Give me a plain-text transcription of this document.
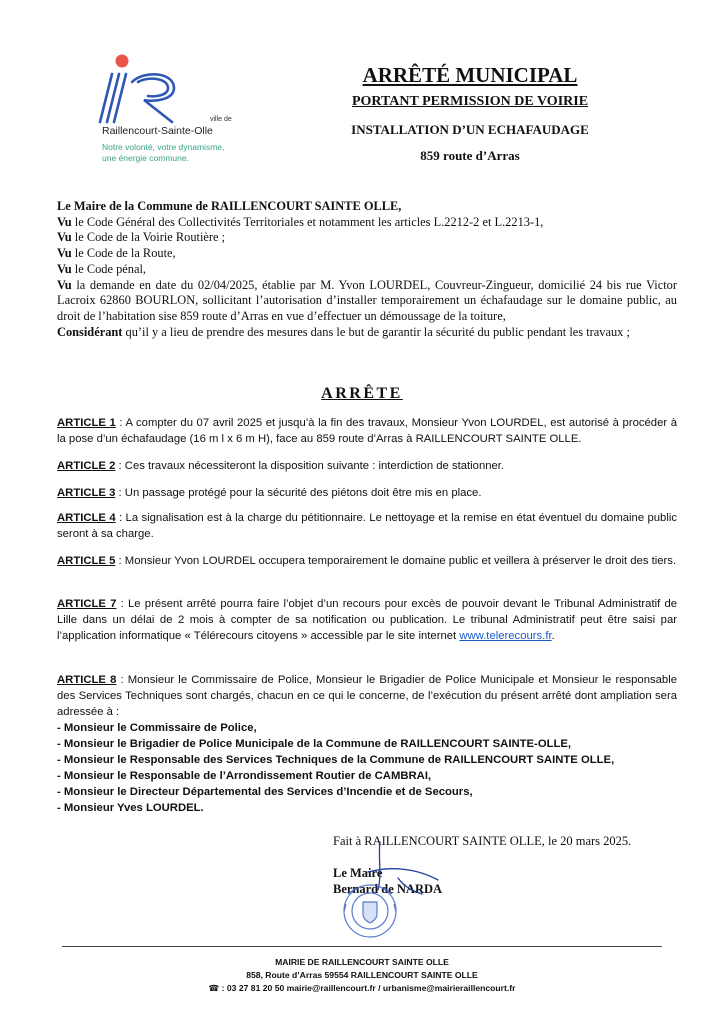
ville de
Raillencourt-Sainte-Olle
Notre volonté, votre dynamisme,
une énergie commune.
ARRÊTÉ MUNICIPAL
PORTANT PERMISSION DE VOIRIE
INSTALLATION D’UN ECHAFAUDAGE
859 route d’Arras

Le Maire de la Commune de RAILLENCOURT SAINTE OLLE,

Vu le Code Général des Collectivités Territoriales et notamment les articles L.2212-2 et L.2213-1,

Vu le Code de la Voirie Routière ;

Vu le Code de la Route,

Vu le Code pénal,

Vu la demande en date du 02/04/2025, établie par M. Yvon LOURDEL, Couvreur-Zingueur, domicilié 24 bis rue Victor Lacroix 62860 BOURLON, sollicitant l’autorisation d’installer temporairement un échafaudage sur le domaine public, au droit de l’habitation sise 859 route d’Arras en vue d’effectuer un démoussage de la toiture,

Considérant qu’il y a lieu de prendre des mesures dans le but de garantir la sécurité du public pendant les travaux ;

ARRÊTE

ARTICLE 1 : A compter du 07 avril 2025 et jusqu’à la fin des travaux, Monsieur Yvon LOURDEL, est autorisé à procéder à la pose d’un échafaudage (16 m l x 6 m H), face au 859 route d’Arras à RAILLENCOURT SAINTE OLLE.

ARTICLE 2 : Ces travaux nécessiteront la disposition suivante : interdiction de stationner.

ARTICLE 3 : Un passage protégé pour la sécurité des piétons doit être mis en place.

ARTICLE 4 : La signalisation est à la charge du pétitionnaire. Le nettoyage et la remise en état éventuel du domaine public seront à sa charge.

ARTICLE 5 : Monsieur Yvon LOURDEL occupera temporairement le domaine public et veillera à préserver le droit des tiers.

ARTICLE 7 : Le présent arrêté pourra faire l’objet d’un recours pour excès de pouvoir devant le Tribunal Administratif de Lille dans un délai de 2 mois à compter de sa notification ou publication. Le tribunal Administratif peut être saisi par l’application informatique « Télérecours citoyens » accessible par le site internet www.telerecours.fr.

ARTICLE 8 : Monsieur le Commissaire de Police, Monsieur le Brigadier de Police Municipale et Monsieur le responsable des Services Techniques sont chargés, chacun en ce qui le concerne, de l’exécution du présent arrêté dont ampliation sera adressée à :

- Monsieur le Commissaire de Police,
- Monsieur le Brigadier de Police Municipale de la Commune de RAILLENCOURT SAINTE-OLLE,
- Monsieur le Responsable des Services Techniques de la Commune de RAILLENCOURT SAINTE OLLE,
- Monsieur le Responsable de l’Arrondissement Routier de CAMBRAI,
- Monsieur le Directeur Départemental des Services d’Incendie et de Secours,
- Monsieur Yves LOURDEL.
Fait à RAILLENCOURT SAINTE OLLE, le 20 mars 2025.
Le Maire
Bernard de NARDA
MAIRIE DE RAILLENCOURT SAINTE OLLE
858, Route d’Arras 59554 RAILLENCOURT SAINTE OLLE
☎ : 03 27 81 20 50 mairie@raillencourt.fr / urbanisme@mairieraillencourt.fr
